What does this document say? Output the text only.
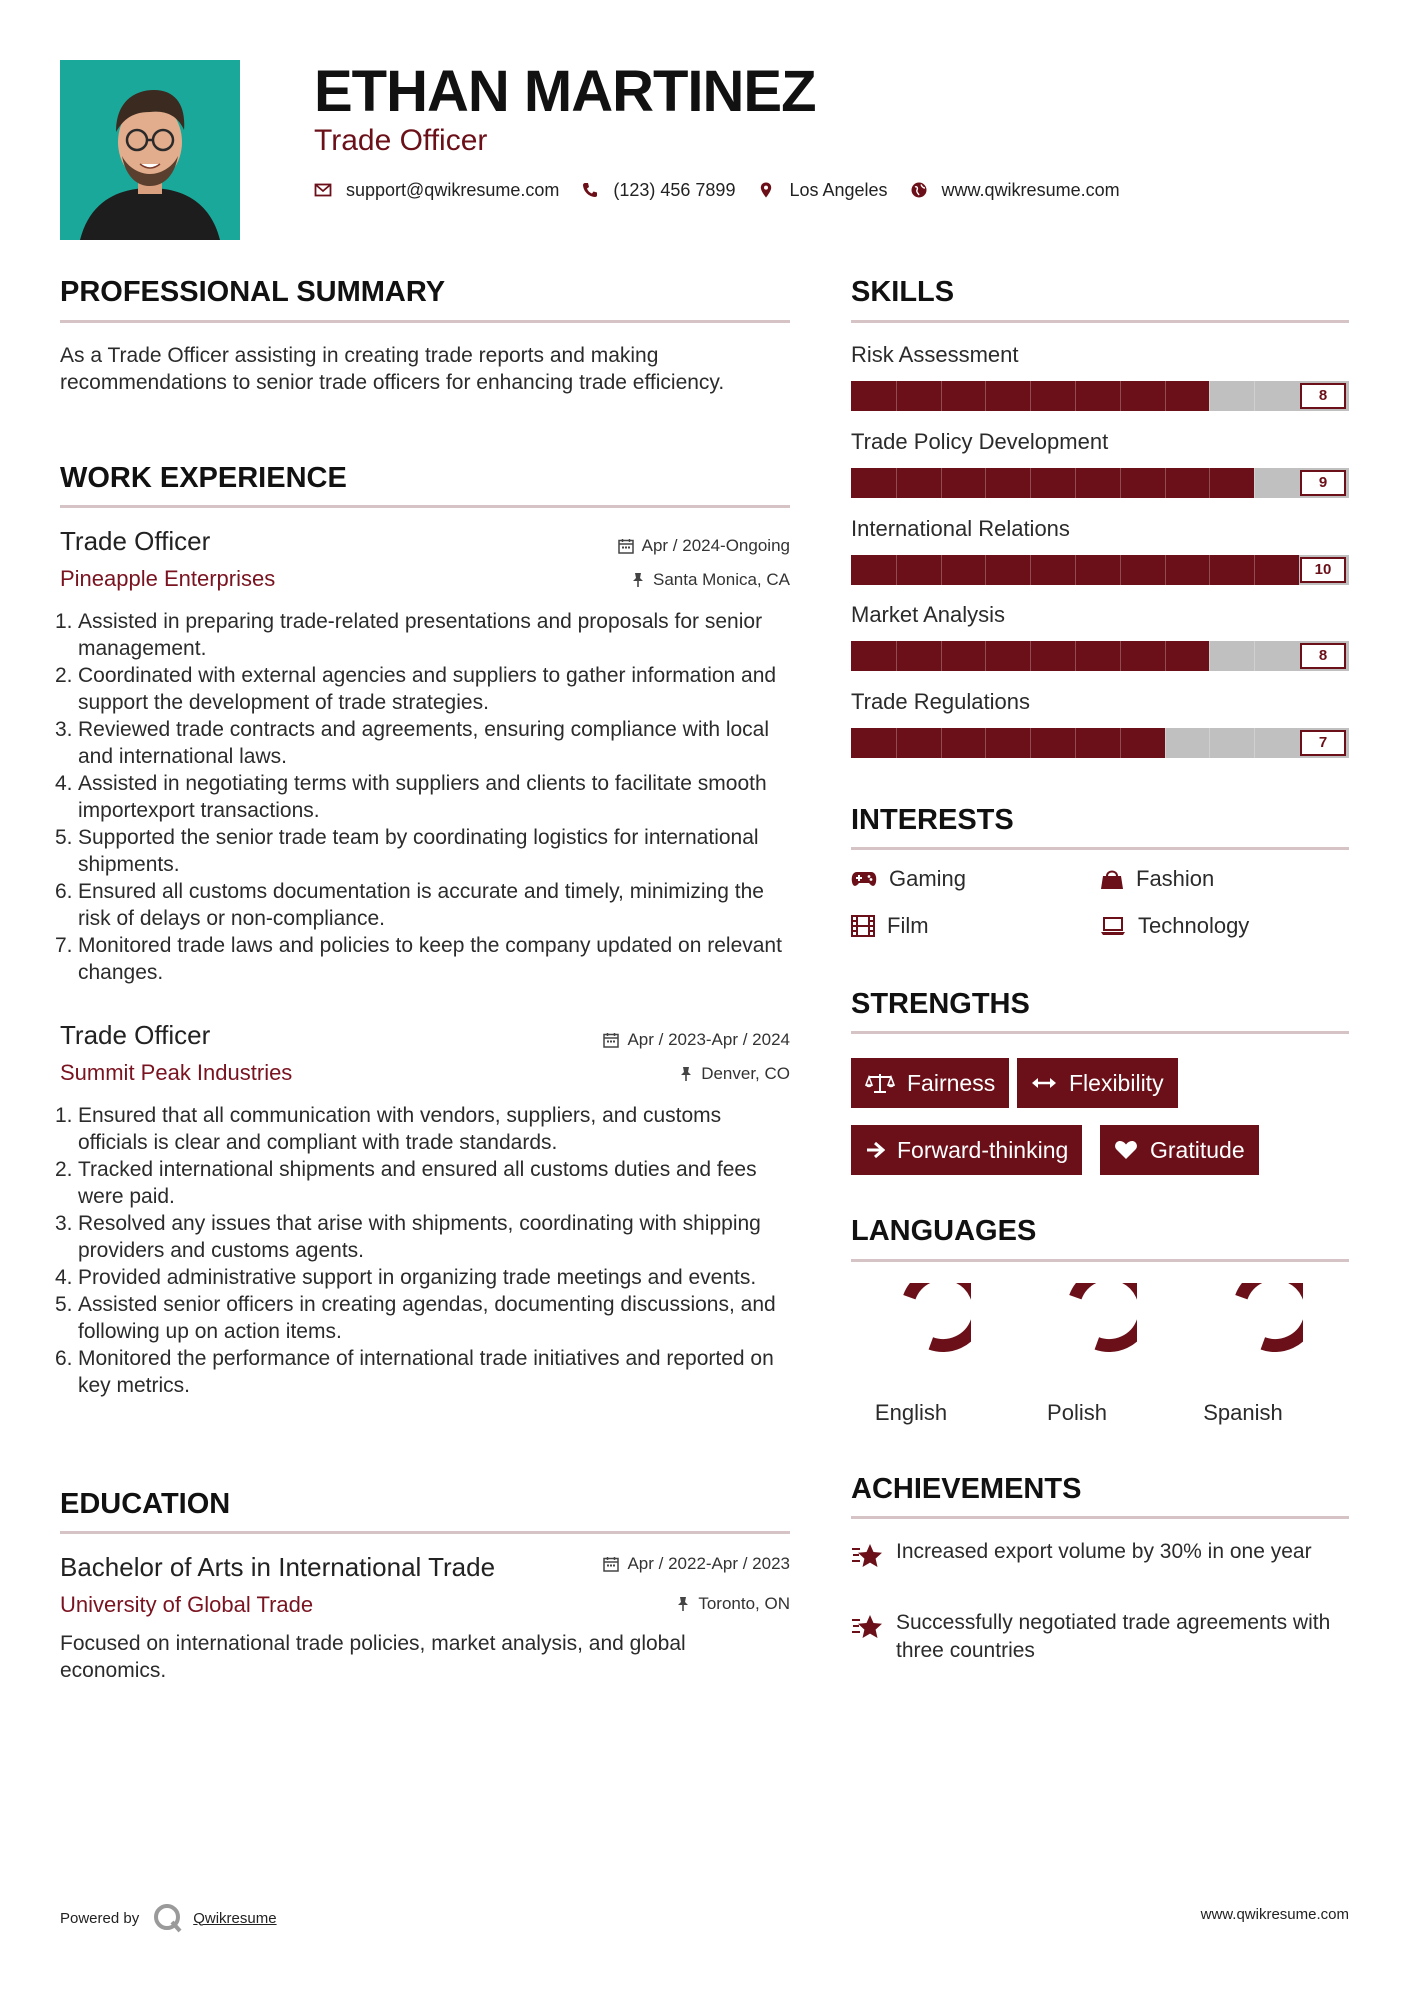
ETHAN MARTINEZ
Trade Officer
support@qwikresume.com	(123) 456 7899	Los Angeles	www.qwikresume.com
PROFESSIONAL SUMMARY
As a Trade Officer assisting in creating trade reports and making recommendations to senior trade officers for enhancing trade efficiency.
WORK EXPERIENCE
Trade Officer
Pineapple Enterprises
Apr / 2024-Ongoing
Santa Monica, CA
1. Assisted in preparing trade-related presentations and proposals for senior management.
2. Coordinated with external agencies and suppliers to gather information and support the development of trade strategies.
3. Reviewed trade contracts and agreements, ensuring compliance with local and international laws.
4. Assisted in negotiating terms with suppliers and clients to facilitate smooth importexport transactions.
5. Supported the senior trade team by coordinating logistics for international shipments.
6. Ensured all customs documentation is accurate and timely, minimizing the risk of delays or non-compliance.
7. Monitored trade laws and policies to keep the company updated on relevant changes.
Trade Officer
Summit Peak Industries
Apr / 2023-Apr / 2024
Denver, CO
1. Ensured that all communication with vendors, suppliers, and customs officials is clear and compliant with trade standards.
2. Tracked international shipments and ensured all customs duties and fees were paid.
3. Resolved any issues that arise with shipments, coordinating with shipping providers and customs agents.
4. Provided administrative support in organizing trade meetings and events.
5. Assisted senior officers in creating agendas, documenting discussions, and following up on action items.
6. Monitored the performance of international trade initiatives and reported on key metrics.
EDUCATION
Bachelor of Arts in International Trade
University of Global Trade
Apr / 2022-Apr / 2023
Toronto, ON
Focused on international trade policies, market analysis, and global economics.
SKILLS
Risk Assessment
8
Trade Policy Development
9
International Relations
10
Market Analysis
8
Trade Regulations
7
INTERESTS
Gaming	Fashion
Film	Technology
STRENGTHS
Fairness	Flexibility
Forward-thinking	Gratitude
LANGUAGES
English	Polish	Spanish
ACHIEVEMENTS
Increased export volume by 30% in one year
Successfully negotiated trade agreements with three countries
Powered by	Qwikresume	www.qwikresume.com
